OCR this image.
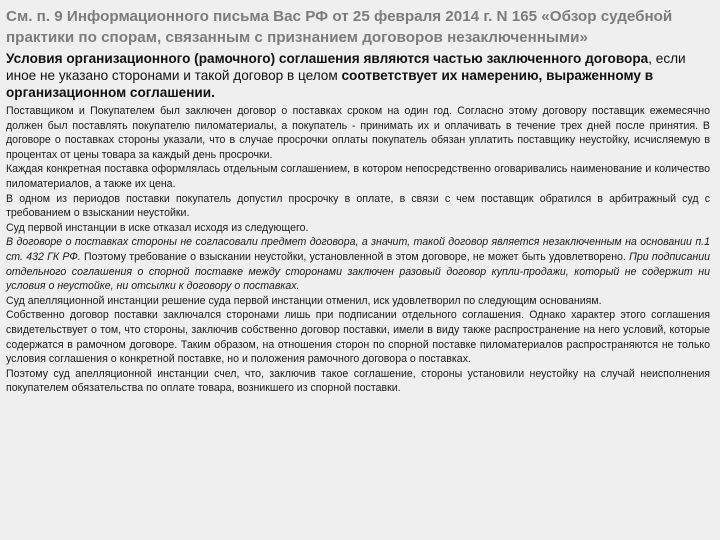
См. п. 9 Информационного письма Вас РФ от 25 февраля 2014 г. N 165 «Обзор судебной практики по спорам, связанным с признанием договоров незаключенными»

Условия организационного (рамочного) соглашения являются частью заключенного договора, если иное не указано сторонами и такой договор в целом соответствует их намерению, выраженному в организационном соглашении.

Поставщиком и Покупателем был заключен договор о поставках сроком на один год. Согласно этому договору поставщик ежемесячно должен был поставлять покупателю пиломатериалы, а покупатель - принимать их и оплачивать в течение трех дней после принятия. В договоре о поставках стороны указали, что в случае просрочки оплаты покупатель обязан уплатить поставщику неустойку, исчисляемую в процентах от цены товара за каждый день просрочки.

Каждая конкретная поставка оформлялась отдельным соглашением, в котором непосредственно оговаривались наименование и количество пиломатериалов, а также их цена.

В одном из периодов поставки покупатель допустил просрочку в оплате, в связи с чем поставщик обратился в арбитражный суд с требованием о взыскании неустойки.

Суд первой инстанции в иске отказал исходя из следующего.

В договоре о поставках стороны не согласовали предмет договора, а значит, такой договор является незаключенным на основании п.1 ст. 432 ГК РФ. Поэтому требование о взыскании неустойки, установленной в этом договоре, не может быть удовлетворено. При подписании отдельного соглашения о спорной поставке между сторонами заключен разовый договор купли-продажи, который не содержит ни условия о неустойке, ни отсылки к договору о поставках.

Суд апелляционной инстанции решение суда первой инстанции отменил, иск удовлетворил по следующим основаниям.

Собственно договор поставки заключался сторонами лишь при подписании отдельного соглашения. Однако характер этого соглашения свидетельствует о том, что стороны, заключив собственно договор поставки, имели в виду также распространение на него условий, которые содержатся в рамочном договоре. Таким образом, на отношения сторон по спорной поставке пиломатериалов распространяются не только условия соглашения о конкретной поставке, но и положения рамочного договора о поставках.

Поэтому суд апелляционной инстанции счел, что, заключив такое соглашение, стороны установили неустойку на случай неисполнения покупателем обязательства по оплате товара, возникшего из спорной поставки.
